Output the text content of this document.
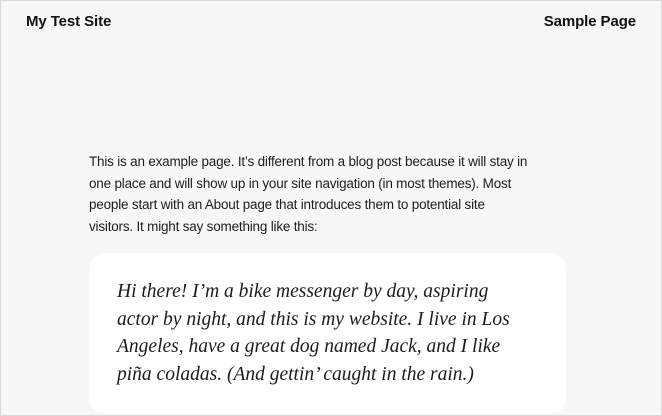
My Test Site	Sample Page
This is an example page. It’s different from a blog post because it will stay in
one place and will show up in your site navigation (in most themes). Most
people start with an About page that introduces them to potential site
visitors. It might say something like this:
Hi there! I’m a bike messenger by day, aspiring
actor by night, and this is my website. I live in Los
Angeles, have a great dog named Jack, and I like
piña coladas. (And gettin’ caught in the rain.)
